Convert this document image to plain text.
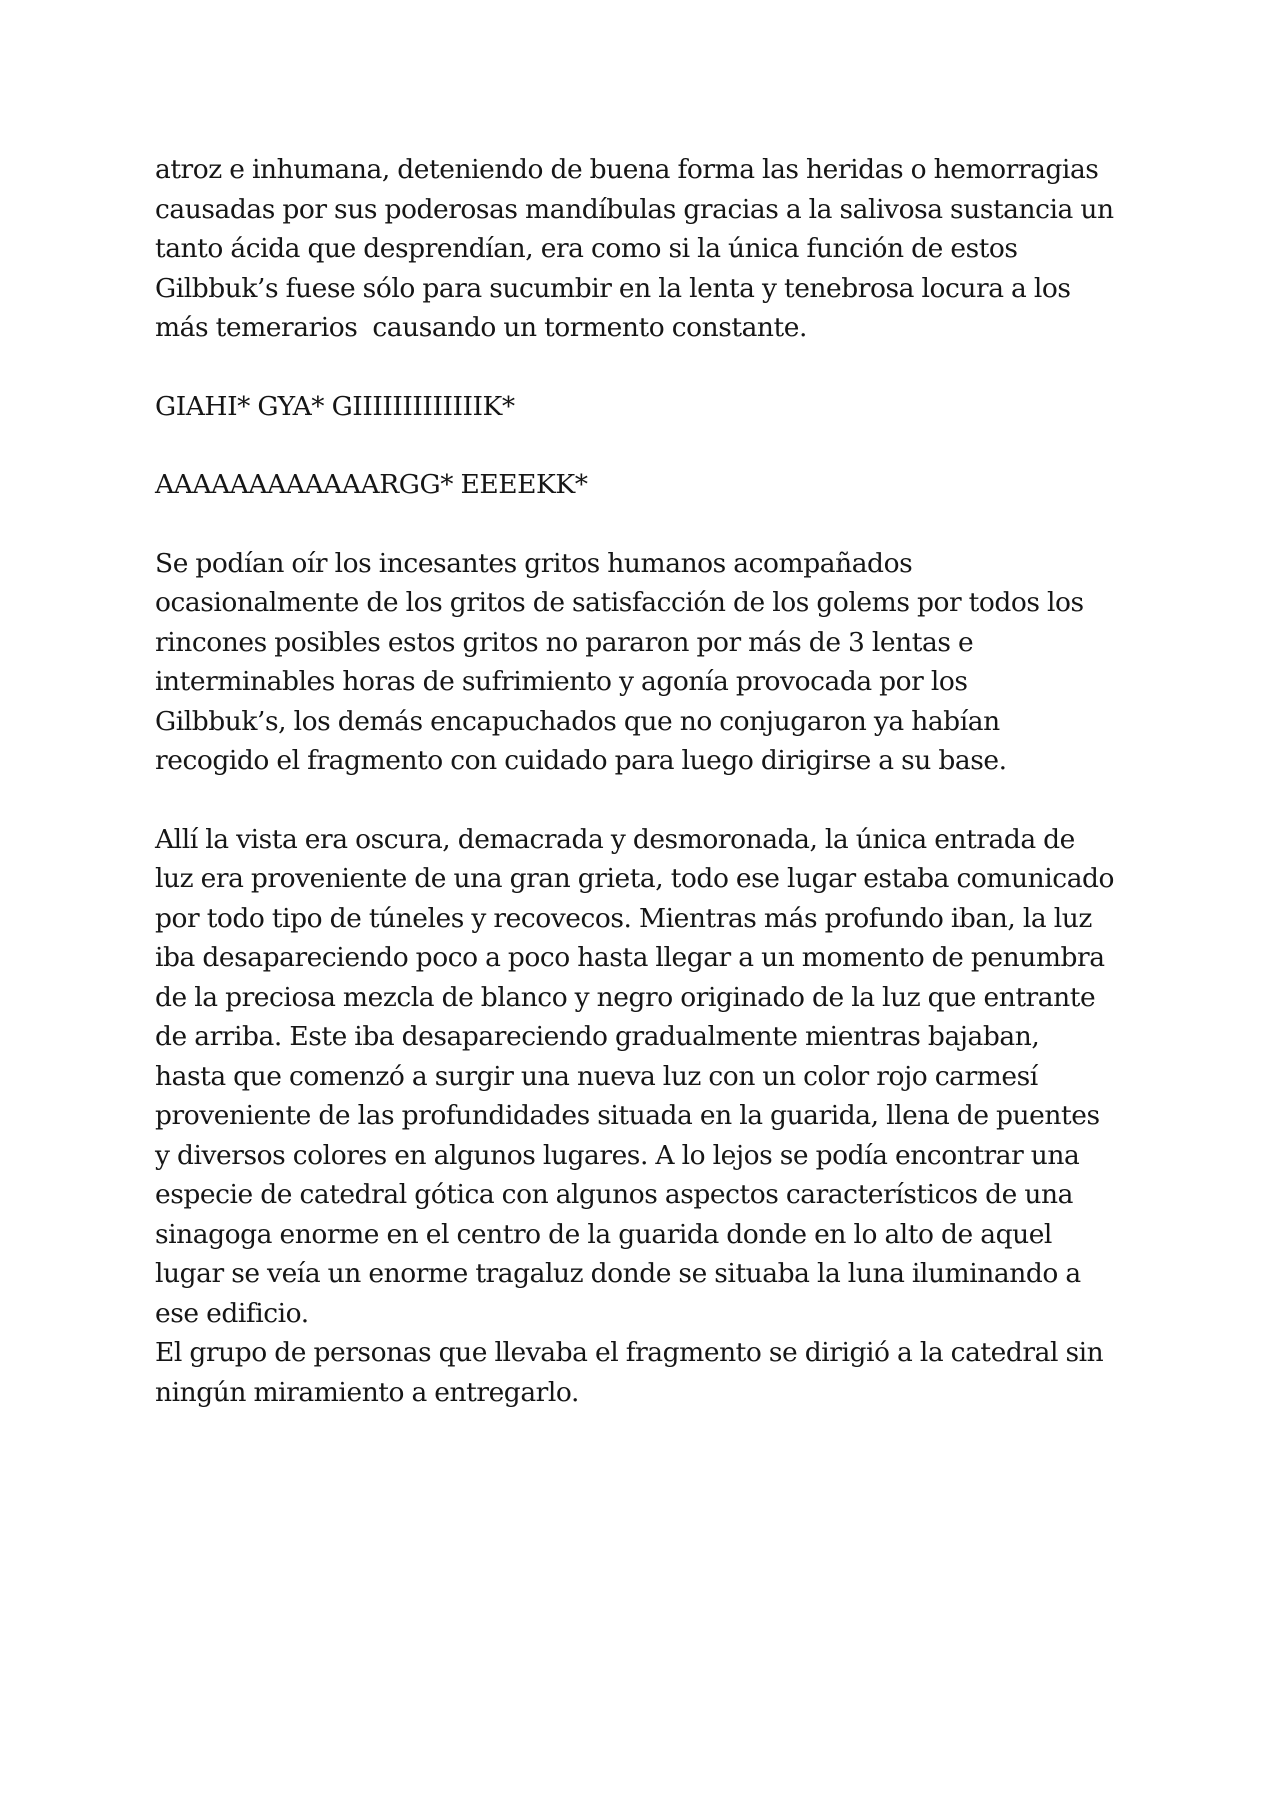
atroz e inhumana, deteniendo de buena forma las heridas o hemorragias
causadas por sus poderosas mandíbulas gracias a la salivosa sustancia un
tanto ácida que desprendían, era como si la única función de estos
Gilbbuk’s fuese sólo para sucumbir en la lenta y tenebrosa locura a los
más temerarios  causando un tormento constante.

GIAHI* GYA* GIIIIIIIIIIIIIK*

AAAAAAAAAAAARGG* EEEEKK*

Se podían oír los incesantes gritos humanos acompañados
ocasionalmente de los gritos de satisfacción de los golems por todos los
rincones posibles estos gritos no pararon por más de 3 lentas e
interminables horas de sufrimiento y agonía provocada por los
Gilbbuk’s, los demás encapuchados que no conjugaron ya habían
recogido el fragmento con cuidado para luego dirigirse a su base.

Allí la vista era oscura, demacrada y desmoronada, la única entrada de
luz era proveniente de una gran grieta, todo ese lugar estaba comunicado
por todo tipo de túneles y recovecos. Mientras más profundo iban, la luz
iba desapareciendo poco a poco hasta llegar a un momento de penumbra
de la preciosa mezcla de blanco y negro originado de la luz que entrante
de arriba. Este iba desapareciendo gradualmente mientras bajaban,
hasta que comenzó a surgir una nueva luz con un color rojo carmesí
proveniente de las profundidades situada en la guarida, llena de puentes
y diversos colores en algunos lugares. A lo lejos se podía encontrar una
especie de catedral gótica con algunos aspectos característicos de una
sinagoga enorme en el centro de la guarida donde en lo alto de aquel
lugar se veía un enorme tragaluz donde se situaba la luna iluminando a
ese edificio.

El grupo de personas que llevaba el fragmento se dirigió a la catedral sin
ningún miramiento a entregarlo.
